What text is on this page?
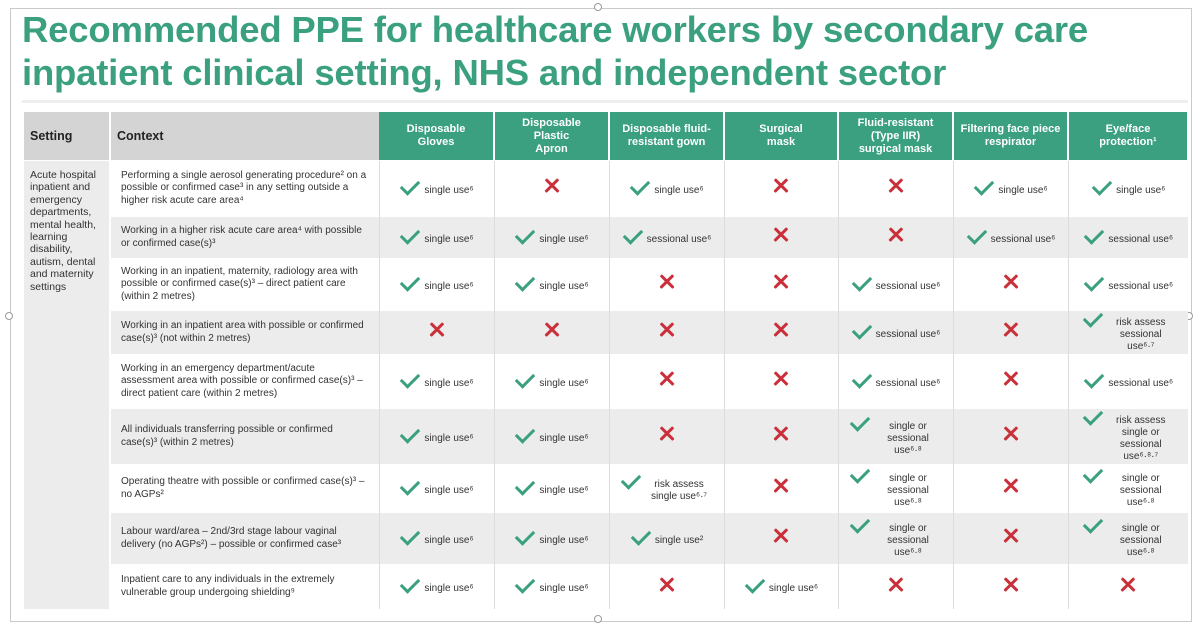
Recommended PPE for healthcare workers by secondary care inpatient clinical setting, NHS and independent sector
Setting	Context	Disposable Gloves	Disposable Plastic Apron	Disposable fluid-resistant gown	Surgical mask	Fluid-resistant (Type IIR) surgical mask	Filtering face piece respirator	Eye/face protection¹

Acute hospital inpatient and emergency departments, mental health, learning disability, autism, dental and maternity settings	Performing a single aerosol generating procedure² on a possible or confirmed case³ in any setting outside a higher risk acute care area⁴	single use⁶		single use⁶			single use⁶	single use⁶

	Working in a higher risk acute care area⁴ with possible or confirmed case(s)³	single use⁶	single use⁶	sessional use⁶			sessional use⁶	sessional use⁶

	Working in an inpatient, maternity, radiology area with possible or confirmed case(s)³ – direct patient care (within 2 metres)	single use⁶	single use⁶			sessional use⁶		sessional use⁶

	Working in an inpatient area with possible or confirmed case(s)³ (not within 2 metres)					sessional use⁶		risk assess sessional use⁶·⁷

	Working in an emergency department/acute assessment area with possible or confirmed case(s)³ – direct patient care (within 2 metres)	single use⁶	single use⁶			sessional use⁶		sessional use⁶

	All individuals transferring possible or confirmed case(s)³ (within 2 metres)	single use⁶	single use⁶			single or sessional use⁶·⁸		risk assess single or sessional use⁶·⁸·⁷

	Operating theatre with possible or confirmed case(s)³ – no AGPs²	single use⁶	single use⁶	risk assess single use⁶·⁷		single or sessional use⁶·⁸		single or sessional use⁶·⁸

	Labour ward/area – 2nd/3rd stage labour vaginal delivery (no AGPs²) – possible or confirmed case³	single use⁶	single use⁶	single use²		single or sessional use⁶·⁸		single or sessional use⁶·⁸

	Inpatient care to any individuals in the extremely vulnerable group undergoing shielding⁹	single use⁶	single use⁶		single use⁶			
